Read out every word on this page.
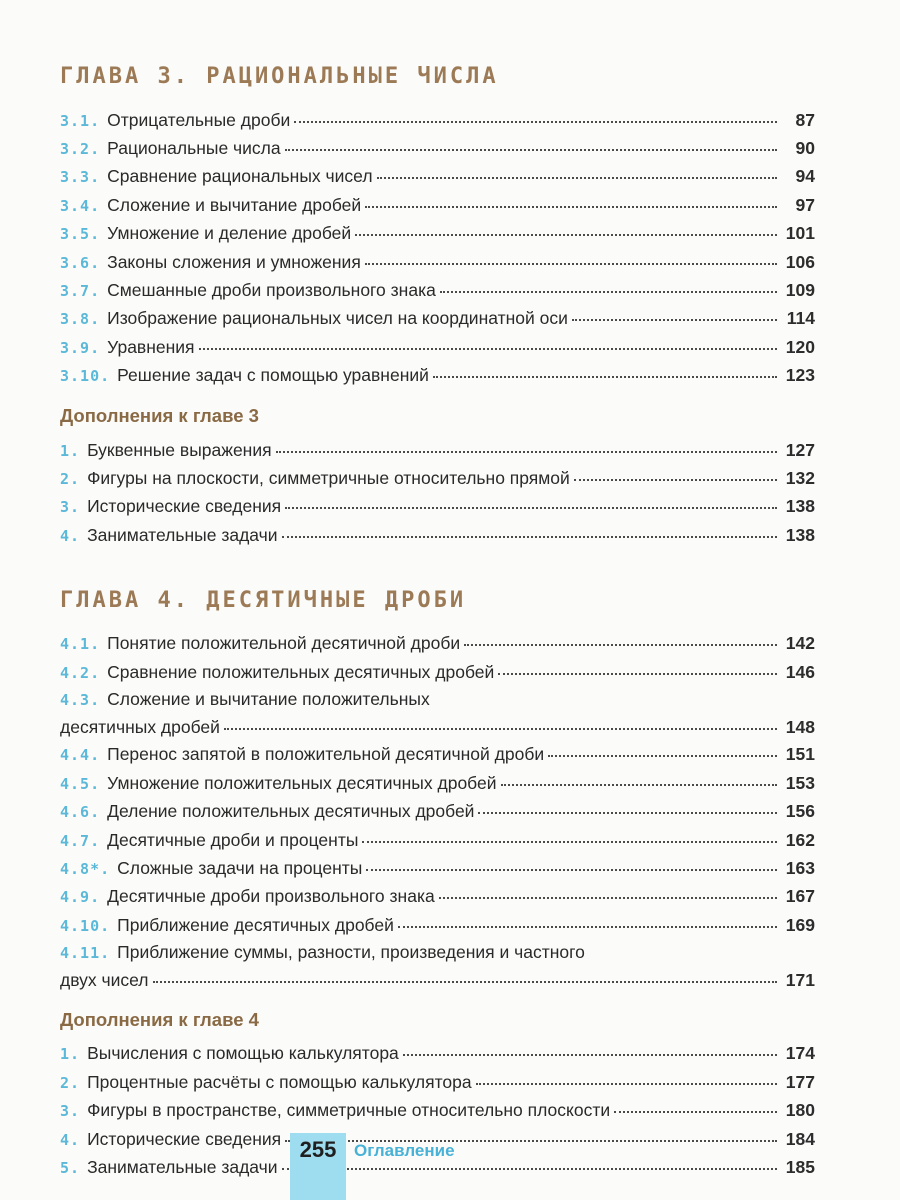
ГЛАВА 3. РАЦИОНАЛЬНЫЕ ЧИСЛА
3.1. Отрицательные дроби	87
3.2. Рациональные числа	90
3.3. Сравнение рациональных чисел	94
3.4. Сложение и вычитание дробей	97
3.5. Умножение и деление дробей	101
3.6. Законы сложения и умножения	106
3.7. Смешанные дроби произвольного знака	109
3.8. Изображение рациональных чисел на координатной оси	114
3.9. Уравнения	120
3.10. Решение задач с помощью уравнений	123
Дополнения к главе 3
1. Буквенные выражения	127
2. Фигуры на плоскости, симметричные относительно прямой	132
3. Исторические сведения	138
4. Занимательные задачи	138
ГЛАВА 4. ДЕСЯТИЧНЫЕ ДРОБИ
4.1. Понятие положительной десятичной дроби	142
4.2. Сравнение положительных десятичных дробей	146
4.3. Сложение и вычитание положительных
десятичных дробей	148
4.4. Перенос запятой в положительной десятичной дроби	151
4.5. Умножение положительных десятичных дробей	153
4.6. Деление положительных десятичных дробей	156
4.7. Десятичные дроби и проценты	162
4.8*. Сложные задачи на проценты	163
4.9. Десятичные дроби произвольного знака	167
4.10. Приближение десятичных дробей	169
4.11. Приближение суммы, разности, произведения и частного
двух чисел	171
Дополнения к главе 4
1. Вычисления с помощью калькулятора	174
2. Процентные расчёты с помощью калькулятора	177
3. Фигуры в пространстве, симметричные относительно плоскости	180
4. Исторические сведения	184
5. Занимательные задачи	185
255	Оглавление
